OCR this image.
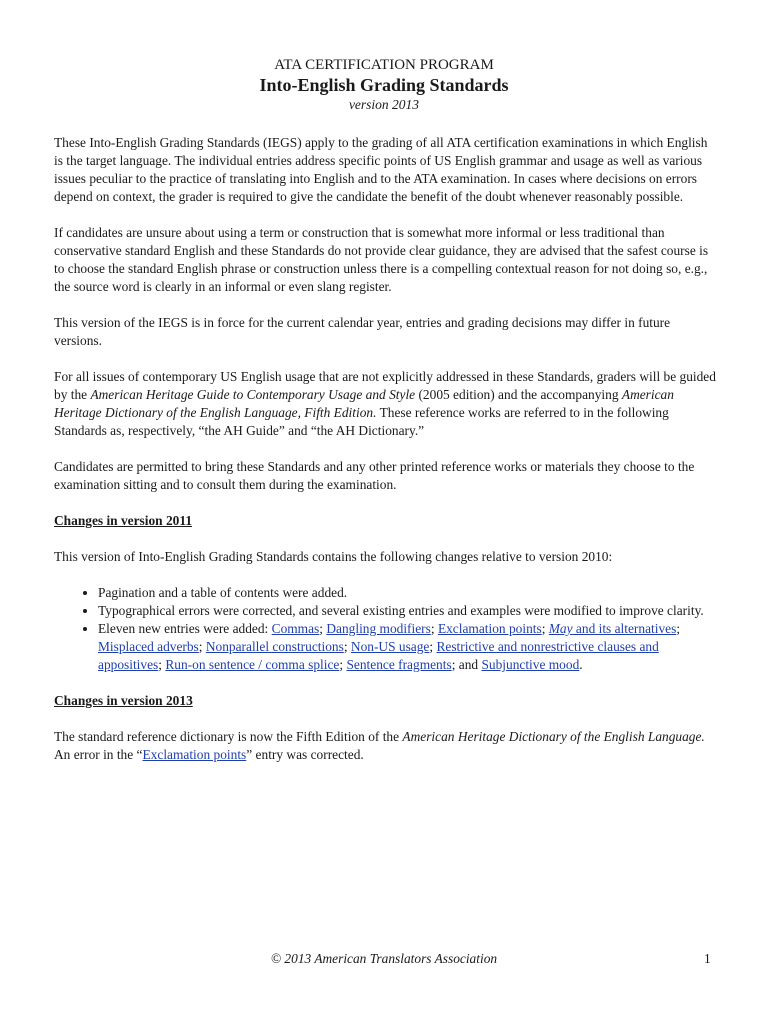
ATA CERTIFICATION PROGRAM
Into-English Grading Standards
version 2013

These Into-English Grading Standards (IEGS) apply to the grading of all ATA certification examinations in which English is the target language. The individual entries address specific points of US English grammar and usage as well as various issues peculiar to the practice of translating into English and to the ATA examination. In cases where decisions on errors depend on context, the grader is required to give the candidate the benefit of the doubt whenever reasonably possible.

If candidates are unsure about using a term or construction that is somewhat more informal or less traditional than conservative standard English and these Standards do not provide clear guidance, they are advised that the safest course is to choose the standard English phrase or construction unless there is a compelling contextual reason for not doing so, e.g., the source word is clearly in an informal or even slang register.

This version of the IEGS is in force for the current calendar year, entries and grading decisions may differ in future versions.

For all issues of contemporary US English usage that are not explicitly addressed in these Standards, graders will be guided by the American Heritage Guide to Contemporary Usage and Style (2005 edition) and the accompanying American Heritage Dictionary of the English Language, Fifth Edition. These reference works are referred to in the following Standards as, respectively, “the AH Guide” and “the AH Dictionary.”

Candidates are permitted to bring these Standards and any other printed reference works or materials they choose to the examination sitting and to consult them during the examination.

Changes in version 2011

This version of Into-English Grading Standards contains the following changes relative to version 2010:

• Pagination and a table of contents were added.
• Typographical errors were corrected, and several existing entries and examples were modified to improve clarity.
• Eleven new entries were added: Commas; Dangling modifiers; Exclamation points; May and its alternatives; Misplaced adverbs; Nonparallel constructions; Non-US usage; Restrictive and nonrestrictive clauses and appositives; Run-on sentence / comma splice; Sentence fragments; and Subjunctive mood.

Changes in version 2013

The standard reference dictionary is now the Fifth Edition of the American Heritage Dictionary of the English Language. An error in the “Exclamation points” entry was corrected.

© 2013 American Translators Association	1
